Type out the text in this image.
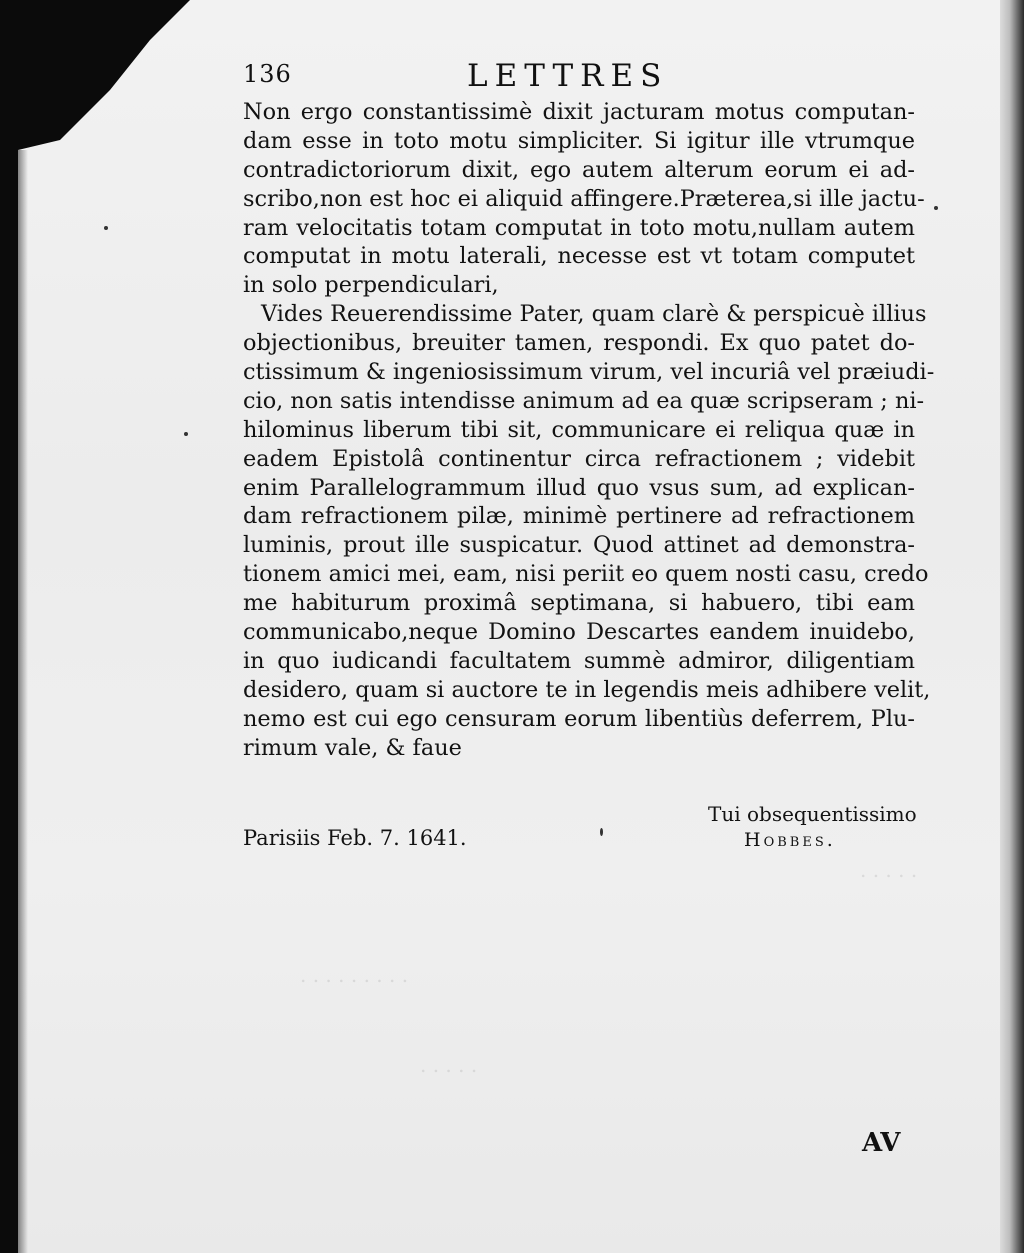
. . . . .
. . . . . . . . .
. . . . .
136	LETTRES
Non ergo constantissimè dixit jacturam motus computan-
dam esse in toto motu simpliciter. Si igitur ille vtrumque
contradictoriorum dixit, ego autem alterum eorum ei ad-
scribo,non est hoc ei aliquid affingere.Præterea,si ille jactu-
ram velocitatis totam computat in toto motu,nullam autem
computat in motu laterali, necesse est vt totam computet
in solo perpendiculari,
Vides Reuerendissime Pater, quam clarè & perspicuè illius
objectionibus, breuiter tamen, respondi. Ex quo patet do-
ctissimum & ingeniosissimum virum, vel incuriâ vel præiudi-
cio, non satis intendisse animum ad ea quæ scripseram ; ni-
hilominus liberum tibi sit, communicare ei reliqua quæ in
eadem Epistolâ continentur circa refractionem ; videbit
enim Parallelogrammum illud quo vsus sum, ad explican-
dam refractionem pilæ, minimè pertinere ad refractionem
luminis, prout ille suspicatur. Quod attinet ad demonstra-
tionem amici mei, eam, nisi periit eo quem nosti casu, credo
me habiturum proximâ septimana, si habuero, tibi eam
communicabo,neque Domino Descartes eandem inuidebo,
in quo iudicandi facultatem summè admiror, diligentiam
desidero, quam si auctore te in legendis meis adhibere velit,
nemo est cui ego censuram eorum libentiùs deferrem, Plu-
rimum vale, & faue
Tui obsequentissimo
Parisiis Feb. 7. 1641.	Hobbes.
AV
